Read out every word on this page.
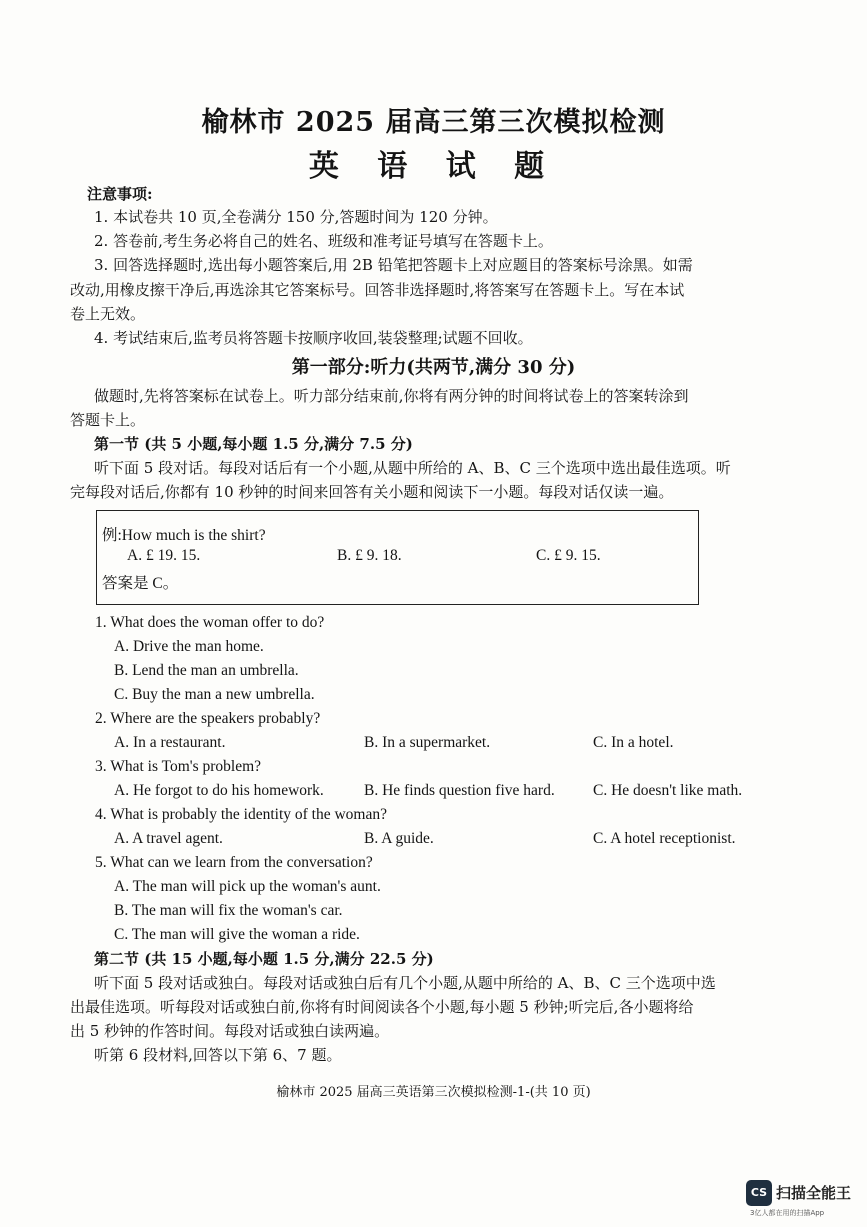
榆林市 2025 届高三第三次模拟检测
英 语 试 题
注意事项:
1. 本试卷共 10 页,全卷满分 150 分,答题时间为 120 分钟。
2. 答卷前,考生务必将自己的姓名、班级和准考证号填写在答题卡上。
3. 回答选择题时,选出每小题答案后,用 2B 铅笔把答题卡上对应题目的答案标号涂黑。如需
改动,用橡皮擦干净后,再选涂其它答案标号。回答非选择题时,将答案写在答题卡上。写在本试
卷上无效。
4. 考试结束后,监考员将答题卡按顺序收回,装袋整理;试题不回收。
第一部分:听力(共两节,满分 30 分)
做题时,先将答案标在试卷上。听力部分结束前,你将有两分钟的时间将试卷上的答案转涂到
答题卡上。
第一节 (共 5 小题,每小题 1.5 分,满分 7.5 分)
听下面 5 段对话。每段对话后有一个小题,从题中所给的 A、B、C 三个选项中选出最佳选项。听
完每段对话后,你都有 10 秒钟的时间来回答有关小题和阅读下一小题。每段对话仅读一遍。
例:How much is the shirt?
A. £ 19. 15.	B. £ 9. 18.	C. £ 9. 15.
答案是 C。
1. What does the woman offer to do?
A. Drive the man home.
B. Lend the man an umbrella.
C. Buy the man a new umbrella.
2. Where are the speakers probably?
A. In a restaurant.	B. In a supermarket.	C. In a hotel.
3. What is Tom's problem?
A. He forgot to do his homework.	B. He finds question five hard. C. He doesn't like math.
4. What is probably the identity of the woman?
A. A travel agent.	B. A guide.	C. A hotel receptionist.
5. What can we learn from the conversation?
A. The man will pick up the woman's aunt.
B. The man will fix the woman's car.
C. The man will give the woman a ride.
第二节 (共 15 小题,每小题 1.5 分,满分 22.5 分)
听下面 5 段对话或独白。每段对话或独白后有几个小题,从题中所给的 A、B、C 三个选项中选
出最佳选项。听每段对话或独白前,你将有时间阅读各个小题,每小题 5 秒钟;听完后,各小题将给
出 5 秒钟的作答时间。每段对话或独白读两遍。
听第 6 段材料,回答以下第 6、7 题。
榆林市 2025 届高三英语第三次模拟检测-1-(共 10 页)
CS 扫描全能王
3亿人都在用的扫描App
